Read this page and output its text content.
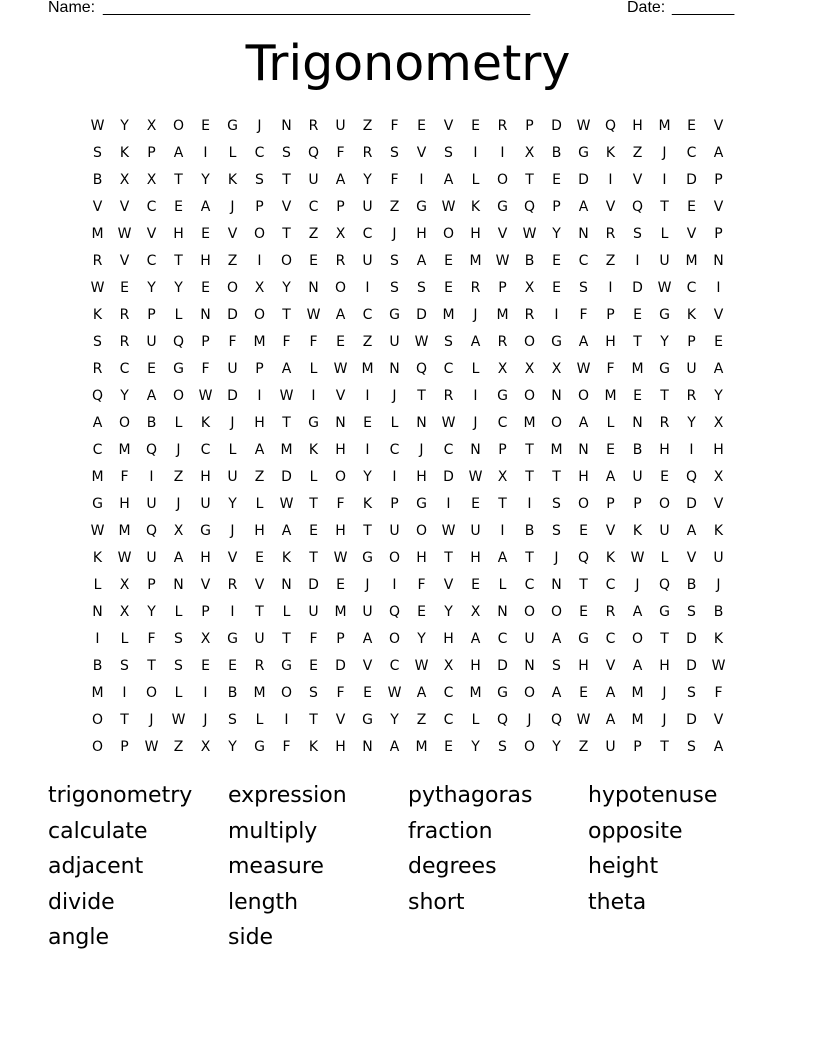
Name: ________________________________________________	Date: _______
Trigonometry
W	Y	X	O	E	G	J	N	R	U	Z	F	E	V	E	R	P	D	W	Q	H	M	E	V
S	K	P	A	I	L	C	S	Q	F	R	S	V	S	I	I	X	B	G	K	Z	J	C	A
B	X	X	T	Y	K	S	T	U	A	Y	F	I	A	L	O	T	E	D	I	V	I	D	P
V	V	C	E	A	J	P	V	C	P	U	Z	G	W	K	G	Q	P	A	V	Q	T	E	V
M	W	V	H	E	V	O	T	Z	X	C	J	H	O	H	V	W	Y	N	R	S	L	V	P
R	V	C	T	H	Z	I	O	E	R	U	S	A	E	M	W	B	E	C	Z	I	U	M	N
W	E	Y	Y	E	O	X	Y	N	O	I	S	S	E	R	P	X	E	S	I	D	W	C	I
K	R	P	L	N	D	O	T	W	A	C	G	D	M	J	M	R	I	F	P	E	G	K	V
S	R	U	Q	P	F	M	F	F	E	Z	U	W	S	A	R	O	G	A	H	T	Y	P	E
R	C	E	G	F	U	P	A	L	W	M	N	Q	C	L	X	X	X	W	F	M	G	U	A
Q	Y	A	O	W	D	I	W	I	V	I	J	T	R	I	G	O	N	O	M	E	T	R	Y
A	O	B	L	K	J	H	T	G	N	E	L	N	W	J	C	M	O	A	L	N	R	Y	X
C	M	Q	J	C	L	A	M	K	H	I	C	J	C	N	P	T	M	N	E	B	H	I	H
M	F	I	Z	H	U	Z	D	L	O	Y	I	H	D	W	X	T	T	H	A	U	E	Q	X
G	H	U	J	U	Y	L	W	T	F	K	P	G	I	E	T	I	S	O	P	P	O	D	V
W	M	Q	X	G	J	H	A	E	H	T	U	O	W	U	I	B	S	E	V	K	U	A	K
K	W	U	A	H	V	E	K	T	W	G	O	H	T	H	A	T	J	Q	K	W	L	V	U
L	X	P	N	V	R	V	N	D	E	J	I	F	V	E	L	C	N	T	C	J	Q	B	J
N	X	Y	L	P	I	T	L	U	M	U	Q	E	Y	X	N	O	O	E	R	A	G	S	B
I	L	F	S	X	G	U	T	F	P	A	O	Y	H	A	C	U	A	G	C	O	T	D	K
B	S	T	S	E	E	R	G	E	D	V	C	W	X	H	D	N	S	H	V	A	H	D	W
M	I	O	L	I	B	M	O	S	F	E	W	A	C	M	G	O	A	E	A	M	J	S	F
O	T	J	W	J	S	L	I	T	V	G	Y	Z	C	L	Q	J	Q	W	A	M	J	D	V
O	P	W	Z	X	Y	G	F	K	H	N	A	M	E	Y	S	O	Y	Z	U	P	T	S	A
trigonometry	expression	pythagoras	hypotenuse
calculate	multiply	fraction	opposite
adjacent	measure	degrees	height
divide	length	short	theta
angle	side
